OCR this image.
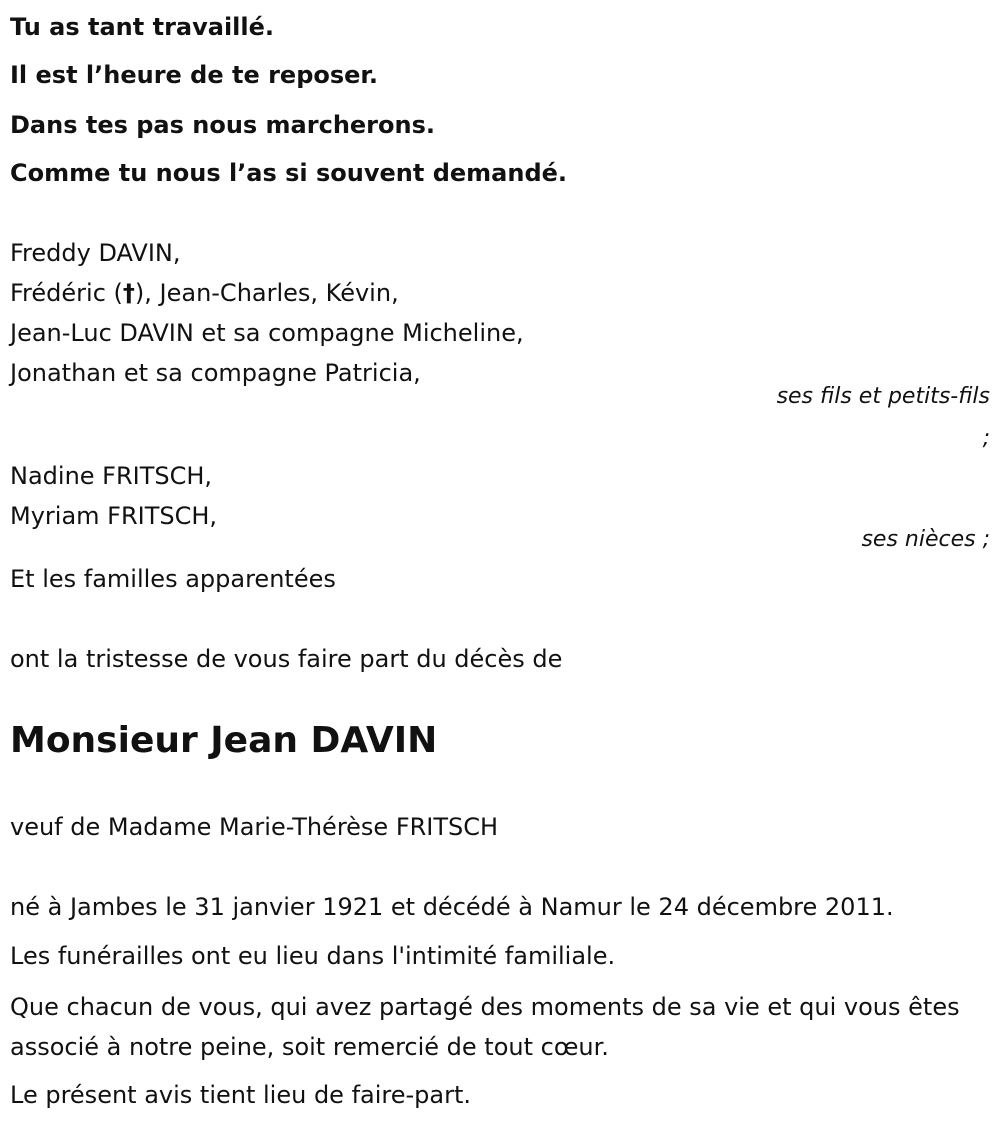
Tu as tant travaillé.

Il est l’heure de te reposer.

Dans tes pas nous marcherons.

Comme tu nous l’as si souvent demandé.

Freddy DAVIN,

Frédéric (†), Jean-Charles, Kévin,

Jean-Luc DAVIN et sa compagne Micheline,

Jonathan et sa compagne Patricia,

ses fils et petits-fils

;

Nadine FRITSCH,

Myriam FRITSCH,

ses nièces ;

Et les familles apparentées

ont la tristesse de vous faire part du décès de

Monsieur Jean DAVIN

veuf de Madame Marie-Thérèse FRITSCH

né à Jambes le 31 janvier 1921 et décédé à Namur le 24 décembre 2011.

Les funérailles ont eu lieu dans l'intimité familiale.

Que chacun de vous, qui avez partagé des moments de sa vie et qui vous êtes associé à notre peine, soit remercié de tout cœur.

Le présent avis tient lieu de faire-part.
